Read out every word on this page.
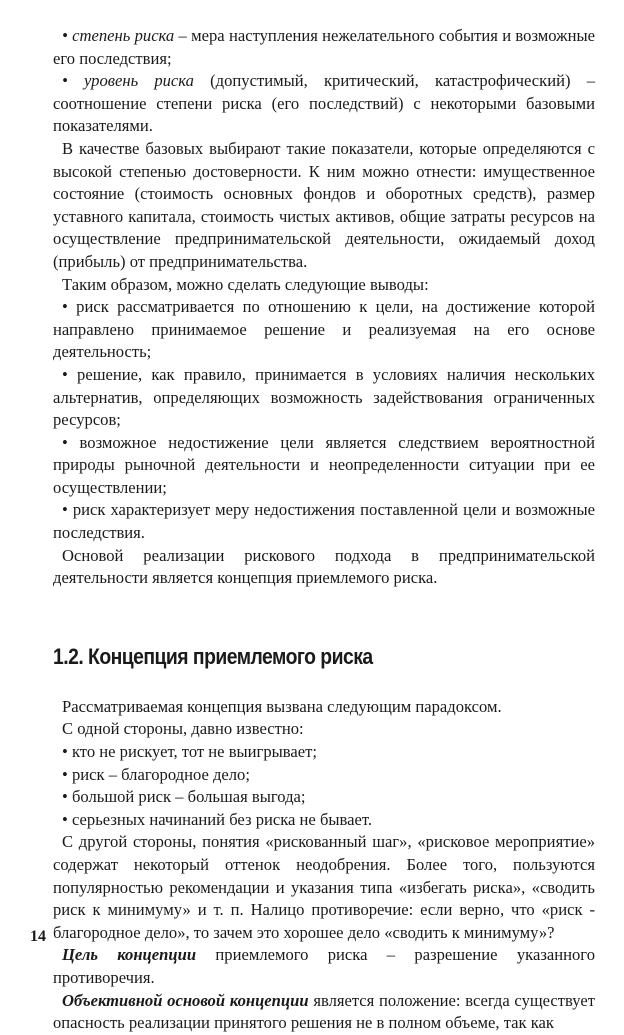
• степень риска – мера наступления нежелательного события и возможные его последствия;

• уровень риска (допустимый, критический, катастрофический) – соотношение степени риска (его последствий) с некоторыми базовыми показателями.

В качестве базовых выбирают такие показатели, которые определяются с высокой степенью достоверности. К ним можно отнести: имущественное состояние (стоимость основных фондов и оборотных средств), размер уставного капитала, стоимость чистых активов, общие затраты ресурсов на осуществление предпринимательской деятельности, ожидаемый доход (прибыль) от предпринимательства.

Таким образом, можно сделать следующие выводы:

• риск рассматривается по отношению к цели, на достижение которой направлено принимаемое решение и реализуемая на его основе деятельность;

• решение, как правило, принимается в условиях наличия нескольких альтернатив, определяющих возможность задействования ограниченных ресурсов;

• возможное недостижение цели является следствием вероятностной природы рыночной деятельности и неопределенности ситуации при ее осуществлении;

• риск характеризует меру недостижения поставленной цели и возможные последствия.

Основой реализации рискового подхода в предпринимательской деятельности является концепция приемлемого риска.

1.2. Концепция приемлемого риска

Рассматриваемая концепция вызвана следующим парадоксом.

С одной стороны, давно известно:

• кто не рискует, тот не выигрывает;

• риск – благородное дело;

• большой риск – большая выгода;

• серьезных начинаний без риска не бывает.

С другой стороны, понятия «рискованный шаг», «рисковое мероприятие» содержат некоторый оттенок неодобрения. Более того, пользуются популярностью рекомендации и указания типа «избегать риска», «сводить риск к минимуму» и т. п. Налицо противоречие: если верно, что «риск - благородное дело», то зачем это хорошее дело «сводить к минимуму»?

Цель концепции приемлемого риска – разрешение указанного противоречия.

Объективной основой концепции является положение: всегда существует опасность реализации принятого решения не в полном объеме, так как

14
